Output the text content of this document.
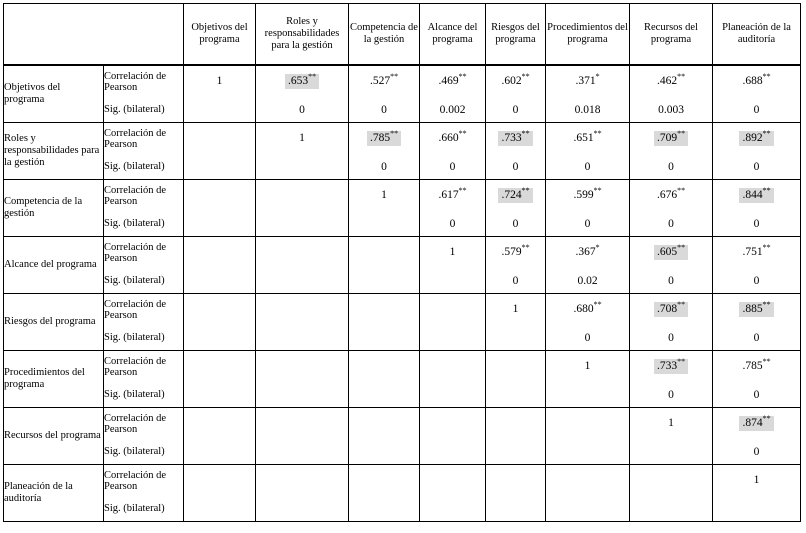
		Objetivos del programa	Roles y responsabilidades para la gestión	Competencia de la gestión	Alcance del programa	Riesgos del programa	Procedimientos del programa	Recursos del programa	Planeación de la auditoría
Objetivos del programa	Correlación de Pearson	1	.653**	.527**	.469**	.602**	.371*	.462**	.688**
	Sig. (bilateral)		0	0	0.002	0	0.018	0.003	0
Roles y responsabilidades para la gestión	Correlación de Pearson		1	.785**	.660**	.733**	.651**	.709**	.892**
	Sig. (bilateral)			0	0	0	0	0	0
Competencia de la gestión	Correlación de Pearson			1	.617**	.724**	.599**	.676**	.844**
	Sig. (bilateral)				0	0	0	0	0
Alcance del programa	Correlación de Pearson				1	.579**	.367*	.605**	.751**
	Sig. (bilateral)					0	0.02	0	0
Riesgos del programa	Correlación de Pearson					1	.680**	.708**	.885**
	Sig. (bilateral)						0	0	0
Procedimientos del programa	Correlación de Pearson						1	.733**	.785**
	Sig. (bilateral)							0	0
Recursos del programa	Correlación de Pearson							1	.874**
	Sig. (bilateral)								0
Planeación de la auditoría	Correlación de Pearson								1
	Sig. (bilateral)								
